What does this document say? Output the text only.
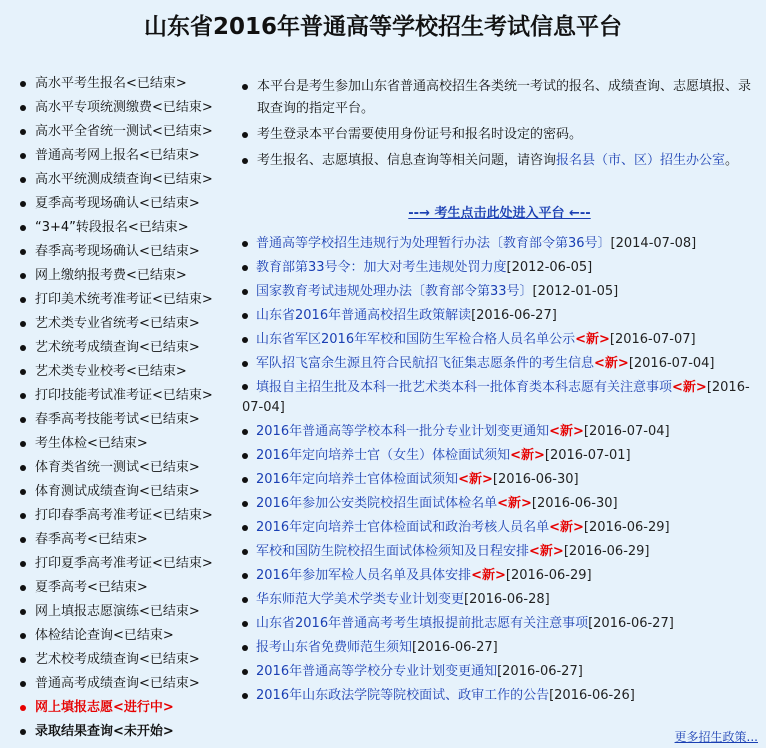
山东省2016年普通高等学校招生考试信息平台
高水平考生报名<已结束>
高水平专项统测缴费<已结束>
高水平全省统一测试<已结束>
普通高考网上报名<已结束>
高水平统测成绩查询<已结束>
夏季高考现场确认<已结束>
“3+4”转段报名<已结束>
春季高考现场确认<已结束>
网上缴纳报考费<已结束>
打印美术统考准考证<已结束>
艺术类专业省统考<已结束>
艺术统考成绩查询<已结束>
艺术类专业校考<已结束>
打印技能考试准考证<已结束>
春季高考技能考试<已结束>
考生体检<已结束>
体育类省统一测试<已结束>
体育测试成绩查询<已结束>
打印春季高考准考证<已结束>
春季高考<已结束>
打印夏季高考准考证<已结束>
夏季高考<已结束>
网上填报志愿演练<已结束>
体检结论查询<已结束>
艺术校考成绩查询<已结束>
普通高考成绩查询<已结束>
网上填报志愿<进行中>
录取结果查询<未开始>
本平台是考生参加山东省普通高校招生各类统一考试的报名、成绩查询、志愿填报、录取查询的指定平台。
考生登录本平台需要使用身份证号和报名时设定的密码。
考生报名、志愿填报、信息查询等相关问题，请咨询报名县（市、区）招生办公室。
--→ 考生点击此处进入平台 ←--
普通高等学校招生违规行为处理暂行办法〔教育部令第36号〕[2014-07-08]
教育部第33号令：加大对考生违规处罚力度[2012-06-05]
国家教育考试违规处理办法〔教育部令第33号〕[2012-01-05]
山东省2016年普通高校招生政策解读[2016-06-27]
山东省军区2016年军校和国防生军检合格人员名单公示<新>[2016-07-07]
军队招飞富余生源且符合民航招飞征集志愿条件的考生信息<新>[2016-07-04]
填报自主招生批及本科一批艺术类本科一批体育类本科志愿有关注意事项<新>[2016-07-04]
2016年普通高等学校本科一批分专业计划变更通知<新>[2016-07-04]
2016年定向培养士官（女生）体检面试须知<新>[2016-07-01]
2016年定向培养士官体检面试须知<新>[2016-06-30]
2016年参加公安类院校招生面试体检名单<新>[2016-06-30]
2016年定向培养士官体检面试和政治考核人员名单<新>[2016-06-29]
军校和国防生院校招生面试体检须知及日程安排<新>[2016-06-29]
2016年参加军检人员名单及具体安排<新>[2016-06-29]
华东师范大学美术学类专业计划变更[2016-06-28]
山东省2016年普通高考考生填报提前批志愿有关注意事项[2016-06-27]
报考山东省免费师范生须知[2016-06-27]
2016年普通高等学校分专业计划变更通知[2016-06-27]
2016年山东政法学院等院校面试、政审工作的公告[2016-06-26]
更多招生政策...
